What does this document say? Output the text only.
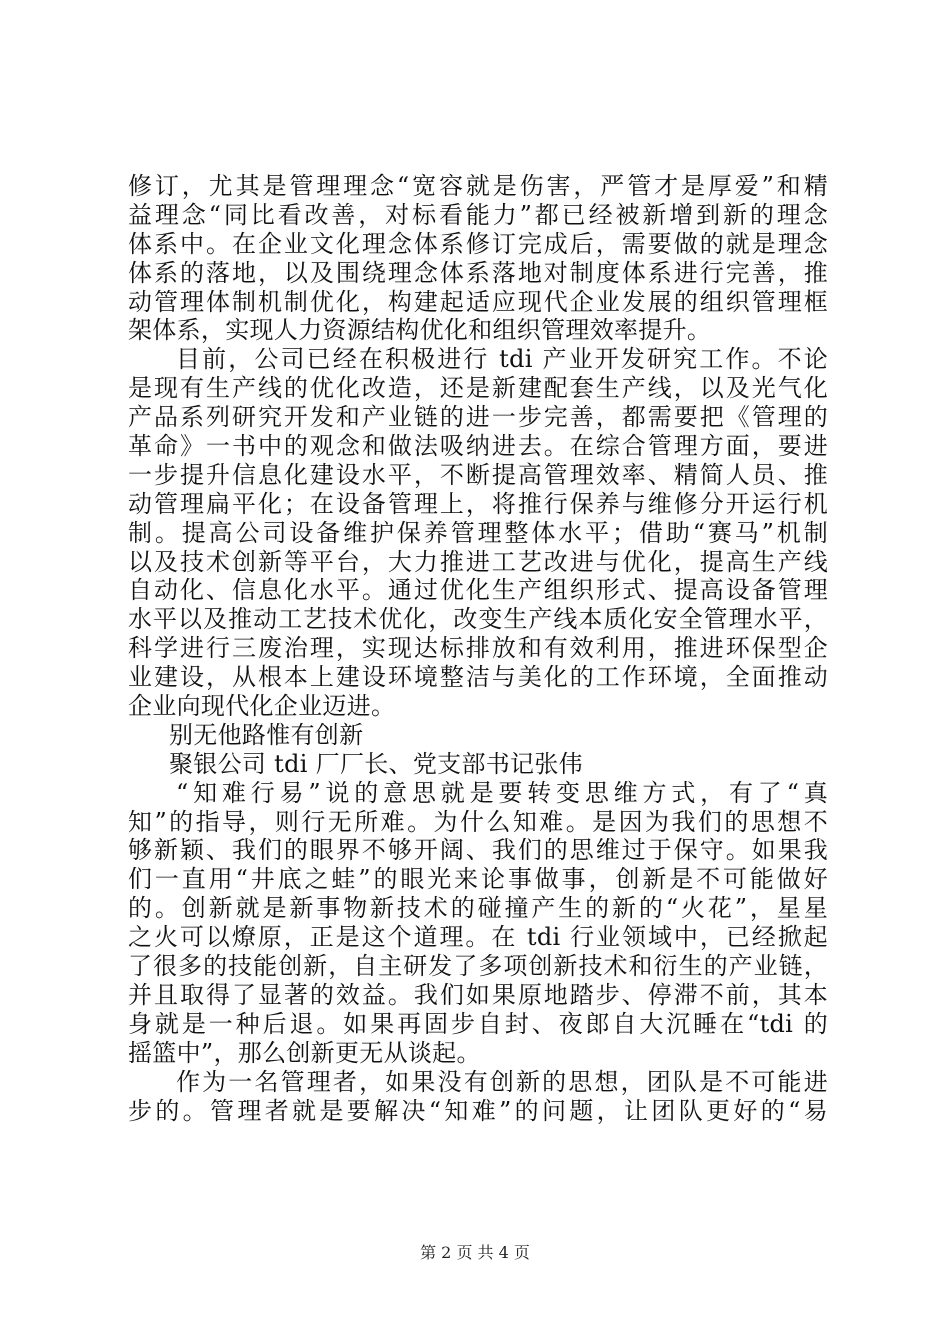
修订，尤其是管理理念“宽容就是伤害，严管才是厚爱”和精
益理念“同比看改善，对标看能力”都已经被新增到新的理念
体系中。在企业文化理念体系修订完成后，需要做的就是理念
体系的落地，以及围绕理念体系落地对制度体系进行完善，推
动管理体制机制优化，构建起适应现代企业发展的组织管理框
架体系，实现人力资源结构优化和组织管理效率提升。
目前，公司已经在积极进行 tdi 产业开发研究工作。不论
是现有生产线的优化改造，还是新建配套生产线，以及光气化
产品系列研究开发和产业链的进一步完善，都需要把《管理的
革命》一书中的观念和做法吸纳进去。在综合管理方面，要进
一步提升信息化建设水平，不断提高管理效率、精简人员、推
动管理扁平化；在设备管理上，将推行保养与维修分开运行机
制。提高公司设备维护保养管理整体水平；借助“赛马”机制
以及技术创新等平台，大力推进工艺改进与优化，提高生产线
自动化、信息化水平。通过优化生产组织形式、提高设备管理
水平以及推动工艺技术优化，改变生产线本质化安全管理水平，
科学进行三废治理，实现达标排放和有效利用，推进环保型企
业建设，从根本上建设环境整洁与美化的工作环境，全面推动
企业向现代化企业迈进。
别无他路惟有创新
聚银公司 tdi 厂厂长、党支部书记张伟
“知难行易”说的意思就是要转变思维方式，有了“真
知”的指导，则行无所难。为什么知难。是因为我们的思想不
够新颖、我们的眼界不够开阔、我们的思维过于保守。如果我
们一直用“井底之蛙”的眼光来论事做事，创新是不可能做好
的。创新就是新事物新技术的碰撞产生的新的“火花”，星星
之火可以燎原，正是这个道理。在 tdi 行业领域中，已经掀起
了很多的技能创新，自主研发了多项创新技术和衍生的产业链，
并且取得了显著的效益。我们如果原地踏步、停滞不前，其本
身就是一种后退。如果再固步自封、夜郎自大沉睡在“tdi 的
摇篮中”，那么创新更无从谈起。
作为一名管理者，如果没有创新的思想，团队是不可能进
步的。管理者就是要解决“知难”的问题，让团队更好的“易
第 2 页 共 4 页
